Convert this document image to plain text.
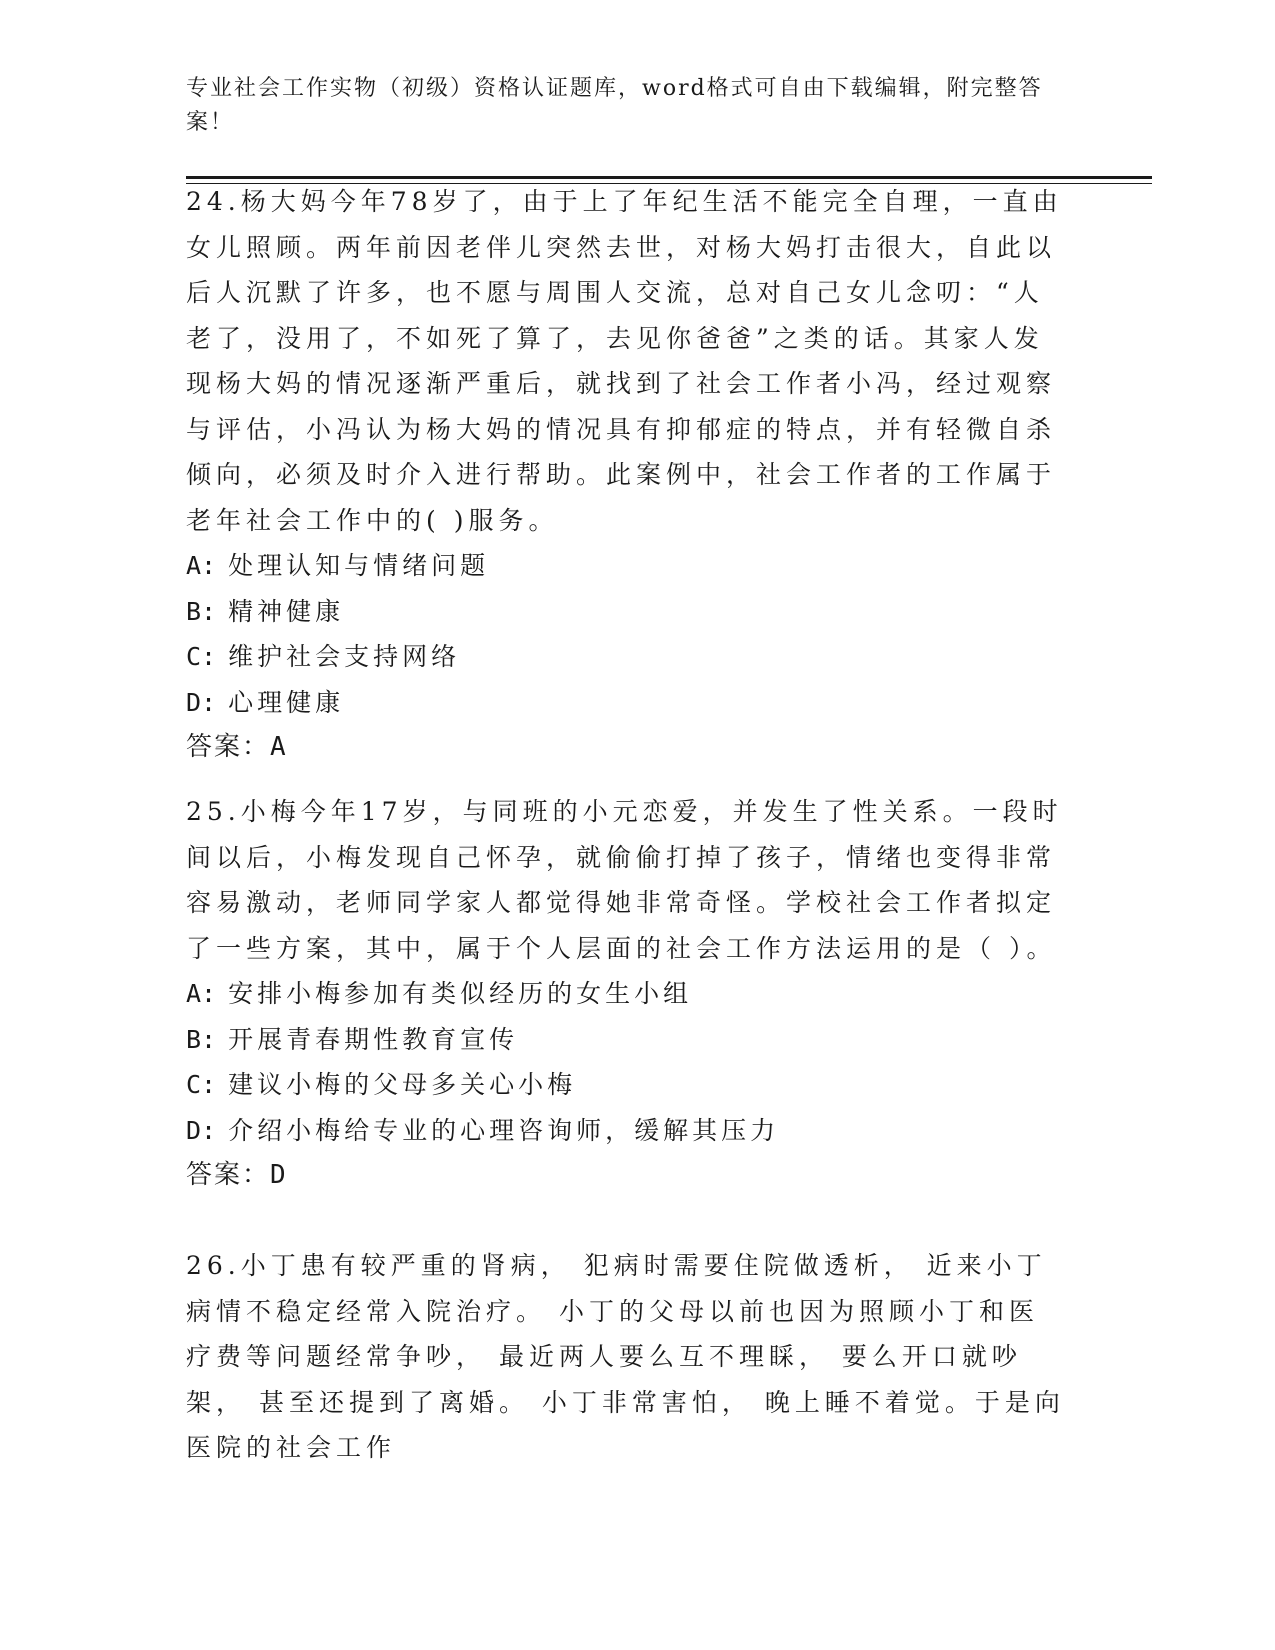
专业社会工作实物（初级）资格认证题库，word格式可自由下载编辑，附完整答案！

24.杨大妈今年78岁了，由于上了年纪生活不能完全自理，一直由女儿照顾。两年前因老伴儿突然去世，对杨大妈打击很大，自此以后人沉默了许多，也不愿与周围人交流，总对自己女儿念叨：“人老了，没用了，不如死了算了，去见你爸爸”之类的话。其家人发现杨大妈的情况逐渐严重后，就找到了社会工作者小冯，经过观察与评估，小冯认为杨大妈的情况具有抑郁症的特点，并有轻微自杀倾向，必须及时介入进行帮助。此案例中，社会工作者的工作属于老年社会工作中的( )服务。

A: 处理认知与情绪问题

B: 精神健康

C: 维护社会支持网络

D: 心理健康

答案：A

25.小梅今年17岁，与同班的小元恋爱，并发生了性关系。一段时间以后，小梅发现自己怀孕，就偷偷打掉了孩子，情绪也变得非常容易激动，老师同学家人都觉得她非常奇怪。学校社会工作者拟定了一些方案，其中，属于个人层面的社会工作方法运用的是（ ）。

A: 安排小梅参加有类似经历的女生小组

B: 开展青春期性教育宣传

C: 建议小梅的父母多关心小梅

D: 介绍小梅给专业的心理咨询师，缓解其压力

答案：D

26.小丁患有较严重的肾病， 犯病时需要住院做透析， 近来小丁病情不稳定经常入院治疗。 小丁的父母以前也因为照顾小丁和医疗费等问题经常争吵， 最近两人要么互不理睬， 要么开口就吵架， 甚至还提到了离婚。 小丁非常害怕， 晚上睡不着觉。于是向医院的社会工作
